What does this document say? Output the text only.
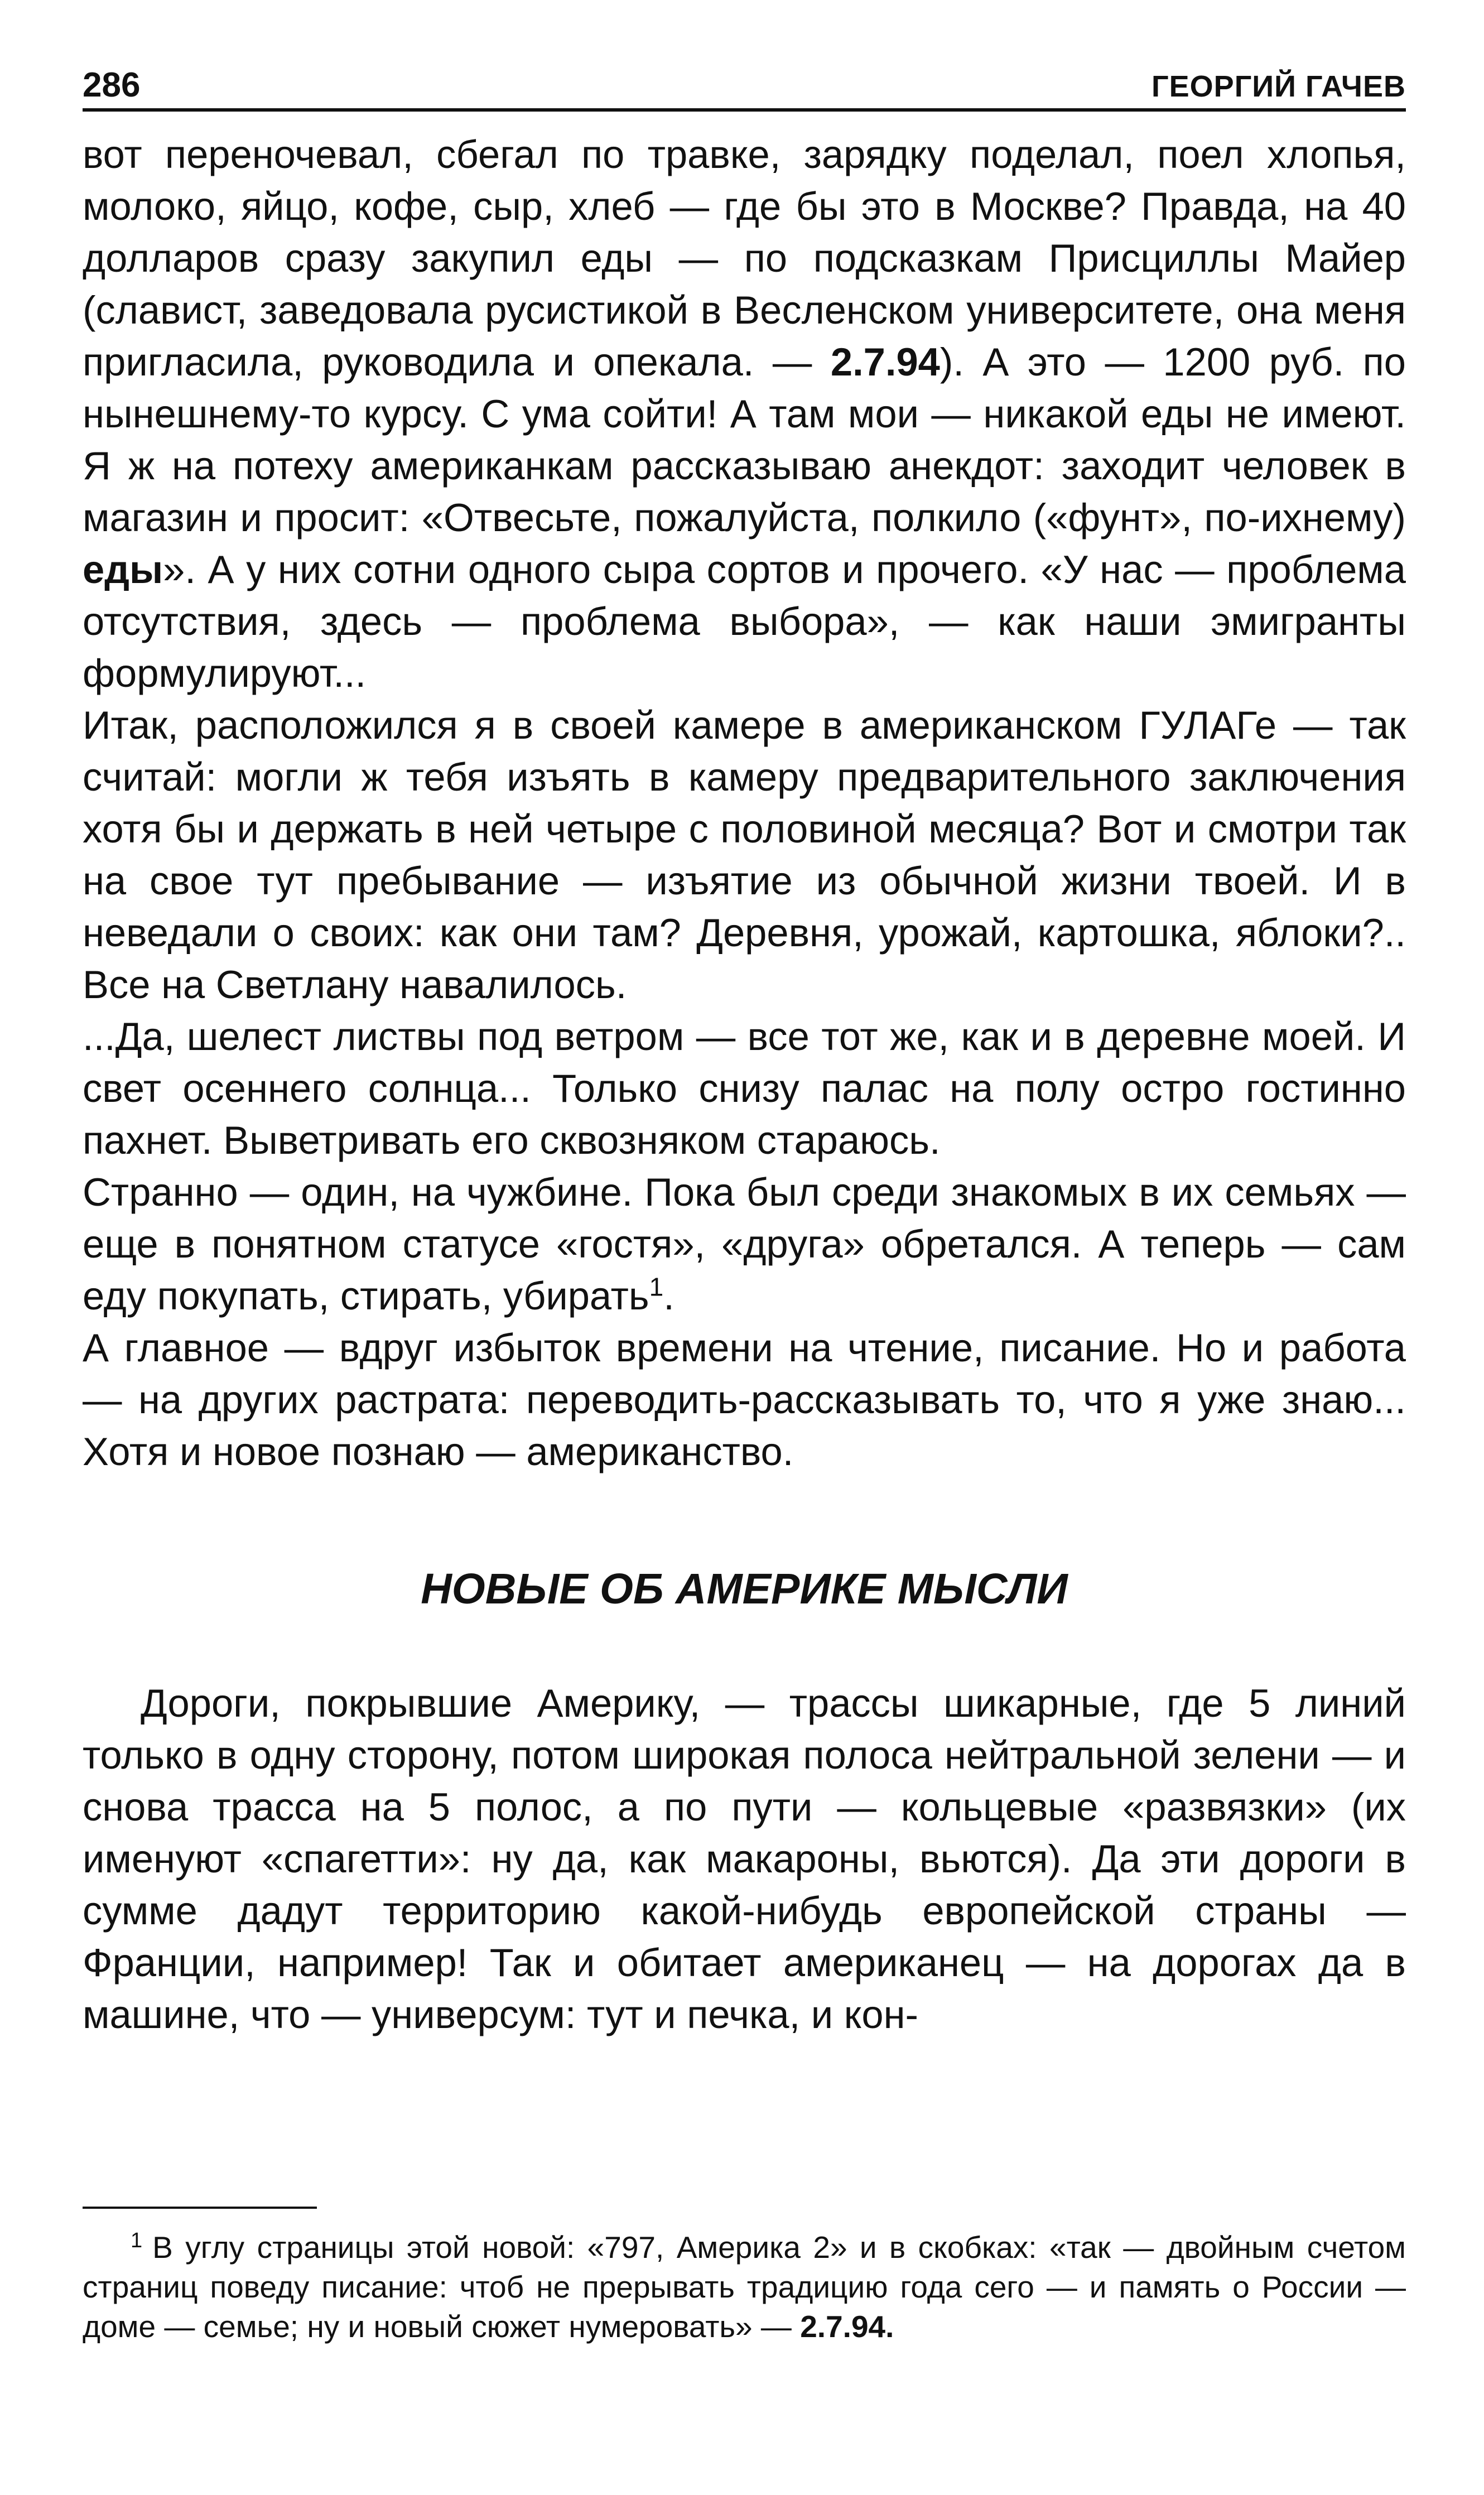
286	ГЕОРГИЙ ГАЧЕВ

вот переночевал, сбегал по травке, зарядку поделал, поел хлопья, молоко, яйцо, кофе, сыр, хлеб — где бы это в Москве? Правда, на 40 долларов сразу закупил еды — по подсказкам Присциллы Майер (славист, заведовала русистикой в Весленском университете, она меня пригласила, руководила и опекала. — 2.7.94). А это — 1200 руб. по нынешнему-то курсу. С ума сойти! А там мои — никакой еды не имеют. Я ж на потеху американкам рассказываю анекдот: заходит человек в магазин и просит: «Отвесьте, пожалуйста, полкило («фунт», по-ихнему) еды». А у них сотни одного сыра сортов и прочего. «У нас — проблема отсутствия, здесь — проблема выбора», — как наши эмигранты формулируют...

Итак, расположился я в своей камере в американском ГУЛАГе — так считай: могли ж тебя изъять в камеру предварительного заключения хотя бы и держать в ней четыре с половиной месяца? Вот и смотри так на свое тут пребывание — изъятие из обычной жизни твоей. И в неведали о своих: как они там? Деревня, урожай, картошка, яблоки?.. Все на Светлану навалилось.

...Да, шелест листвы под ветром — все тот же, как и в деревне моей. И свет осеннего солнца... Только снизу палас на полу остро гостинно пахнет. Выветривать его сквозняком стараюсь.

Странно — один, на чужбине. Пока был среди знакомых в их семьях — еще в понятном статусе «гостя», «друга» обретался. А теперь — сам еду покупать, стирать, убирать$^1$.

А главное — вдруг избыток времени на чтение, писание. Но и работа — на других растрата: переводить-рассказывать то, что я уже знаю... Хотя и новое познаю — американство.

НОВЫЕ ОБ АМЕРИКЕ МЫСЛИ

Дороги, покрывшие Америку, — трассы шикарные, где 5 линий только в одну сторону, потом широкая полоса нейтральной зелени — и снова трасса на 5 полос, а по пути — кольцевые «развязки» (их именуют «спагетти»: ну да, как макароны, вьются). Да эти дороги в сумме дадут территорию какой-нибудь европейской страны — Франции, например! Так и обитает американец — на дорогах да в машине, что — универсум: тут и печка, и кон-

$^1$ В углу страницы этой новой: «797, Америка 2» и в скобках: «так — двойным счетом страниц поведу писание: чтоб не прерывать традицию года сего — и память о России — доме — семье; ну и новый сюжет нумеровать» — 2.7.94.
